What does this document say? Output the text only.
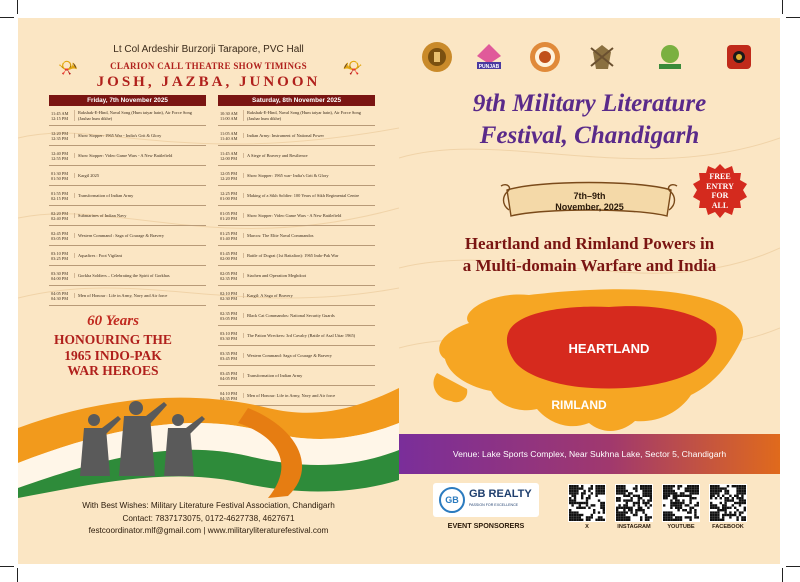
Lt Col Ardeshir Burzorji Tarapore, PVC Hall
📯	📯
CLARION CALL THEATRE SHOW TIMINGS
JOSH, JAZBA, JUNOON
Friday, 7th November 2025
11:45 AM 12:15 PM
Rakshak-E-Hind, Naval Song (Hum taiyar hain), Air Force Song (Jauhar hum dikhe)
12:20 PM 12:35 PM
Show Stopper: 1965 War - India's Grit & Glory
12:40 PM 12:55 PM
Show Stopper: Video Game Wars - A New Battlefield
01:30 PM 01:50 PM
Kargil 2025
01:55 PM 02:15 PM
Transformation of Indian Army
02:20 PM 02:40 PM
Submarines of Indian Navy
02:45 PM 03:05 PM
Western Command : Saga of Courage & Bravery
03:10 PM 03:25 PM
Aquafires : Foot Vigilant
03:30 PM 04:00 PM
Gorkha Soldiers – Celebrating the Spirit of Gorkhas
04:05 PM 04:30 PM
Men of Honour : Life in Army, Navy and Air force
Saturday, 8th November 2025
10:30 AM 11:00 AM
Rakshak-E-Hind, Naval Song (Hum taiyar hain), Air Force Song (Jauhar hum dikhe)
11:05 AM 11:40 AM
Indian Army: Instrument of National Power
11:45 AM 12:00 PM
A Siege of Bravery and Resilience
12:05 PM 12:20 PM
Show Stopper: 1965 war- India's Grit & Glory
12:25 PM 01:00 PM
Making of a Sikh Soldier: 100 Years of Sikh Regimental Centre
01:05 PM 01:20 PM
Show Stopper: Video Game Wars - A New Battlefield
01:25 PM 01:40 PM
Marcos: The Elite Naval Commandos
01:45 PM 02:00 PM
Battle of Dograi (1st Battalion): 1965 Indo-Pak War
02:05 PM 02:35 PM
Siachen and Operation Meghdoot
02:10 PM 02:30 PM
Kargil: A Saga of Bravery
02:35 PM 03:05 PM
Black Cat Commandos: National Security Guards
03:10 PM 03:30 PM
The Patton Wreckers: 3rd Cavalry (Battle of Asal Uttar 1965)
03:35 PM 03:45 PM
Western Command: Saga of Courage & Bravery
03:45 PM 04:05 PM
Transformation of Indian Army
04:10 PM 04:35 PM
Men of Honour: Life in Army, Navy and Air force
60 Years
HONOURING THE
1965 INDO-PAK
WAR HEROES
With Best Wishes: Military Literature Festival Association, Chandigarh
Contact: 7837173075, 0172-4627738, 4627671
festcoordinator.mlf@gmail.com | www.militaryliteraturefestival.com
PUNJAB
9th Military Literature
Festival, Chandigarh
7th–9th
November, 2025
FREE
ENTRY
FOR
ALL
Heartland and Rimland Powers in
a Multi-domain Warfare and India
HEARTLAND
RIMLAND
Venue: Lake Sports Complex, Near Sukhna Lake, Sector 5, Chandigarh
GB GB REALTY
PASSION FOR EXCELLENCE
EVENT SPONSORERS	X	INSTAGRAM	YOUTUBE	FACEBOOK
